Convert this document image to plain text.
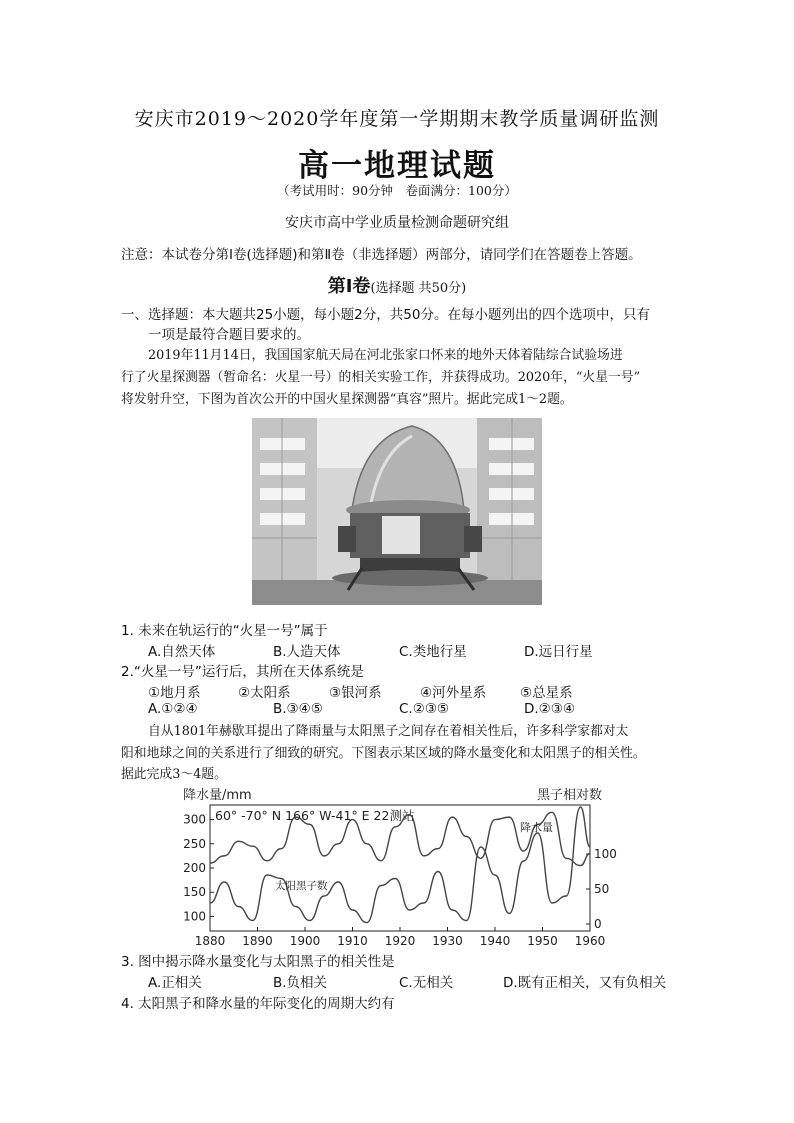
安庆市2019～2020学年度第一学期期末教学质量调研监测
高一地理试题
（考试用时：90分钟　卷面满分：100分）
安庆市高中学业质量检测命题研究组
注意：本试卷分第Ⅰ卷(选择题)和第Ⅱ卷（非选择题）两部分，请同学们在答题卷上答题。
第Ⅰ卷(选择题 共50分)
一、选择题：本大题共25小题，每小题2分，共50分。在每小题列出的四个选项中，只有
一项是最符合题目要求的。
2019年11月14日，我国国家航天局在河北张家口怀来的地外天体着陆综合试验场进
行了火星探测器（暂命名：火星一号）的相关实验工作，并获得成功。2020年，“火星一号”
将发射升空，下图为首次公开的中国火星探测器“真容”照片。据此完成1～2题。
1. 未来在轨运行的“火星一号”属于
A.自然天体	B.人造天体	C.类地行星	D.远日行星
2.“火星一号”运行后，其所在天体系统是
①地月系	②太阳系	③银河系	④河外星系	⑤总星系
A.①②④	B.③④⑤	C.②③⑤	D.②③④
自从1801年赫歇耳提出了降雨量与太阳黑子之间存在着相关性后，许多科学家都对太
阳和地球之间的关系进行了细致的研究。下图表示某区域的降水量变化和太阳黑子的相关性。
据此完成3～4题。
降水量/mm	黑子相对数
60° -70° N 166° W-41° E 22测站
1880 1890 1900 1910 1920 1930 1940 1950 1960
100
150
200
250
300
0
50
100
降水量
太阳黑子数
3. 图中揭示降水量变化与太阳黑子的相关性是
A.正相关	B.负相关	C.无相关	D.既有正相关，又有负相关
4. 太阳黑子和降水量的年际变化的周期大约有
